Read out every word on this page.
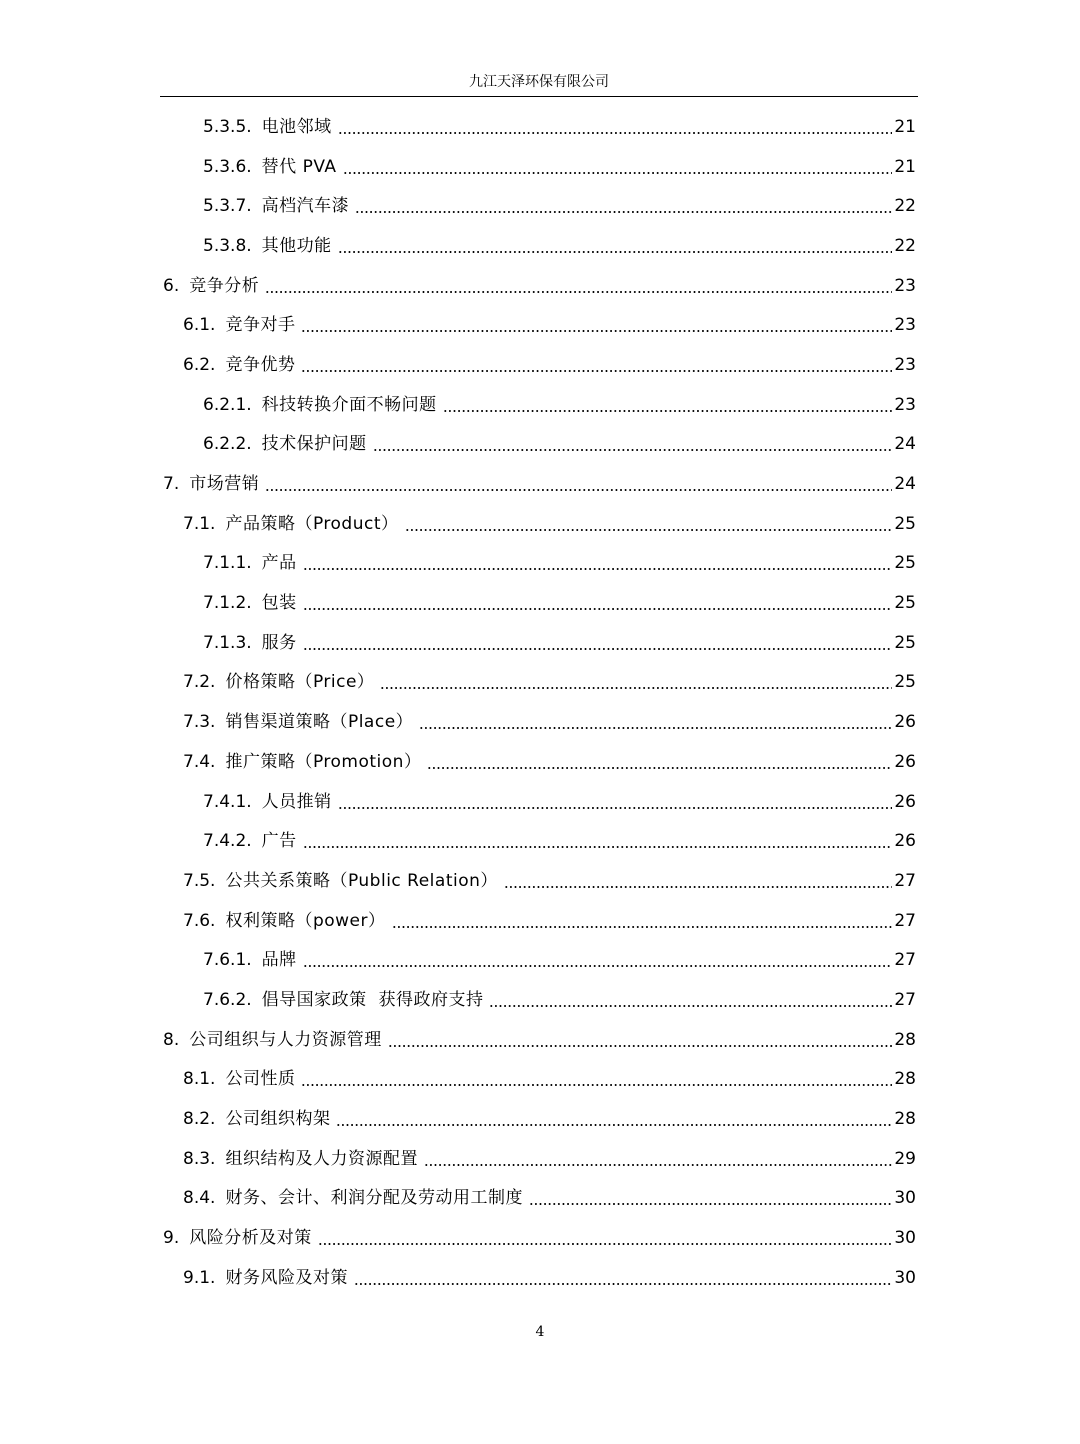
九江天泽环保有限公司
5.3.5. 电池邻域	21
5.3.6. 替代 PVA	21
5.3.7. 高档汽车漆	22
5.3.8. 其他功能	22
6. 竞争分析	23
6.1. 竞争对手	23
6.2. 竞争优势	23
6.2.1. 科技转换介面不畅问题	23
6.2.2. 技术保护问题	24
7. 市场营销	24
7.1. 产品策略（Product）	25
7.1.1. 产品	25
7.1.2. 包装	25
7.1.3. 服务	25
7.2. 价格策略（Price）	25
7.3. 销售渠道策略（Place）	26
7.4. 推广策略（Promotion）	26
7.4.1. 人员推销	26
7.4.2. 广告	26
7.5. 公共关系策略（Public Relation）	27
7.6. 权利策略（power）	27
7.6.1. 品牌	27
7.6.2. 倡导国家政策  获得政府支持	27
8. 公司组织与人力资源管理	28
8.1. 公司性质	28
8.2. 公司组织构架	28
8.3. 组织结构及人力资源配置	29
8.4. 财务、会计、利润分配及劳动用工制度	30
9. 风险分析及对策	30
9.1. 财务风险及对策	30
4
